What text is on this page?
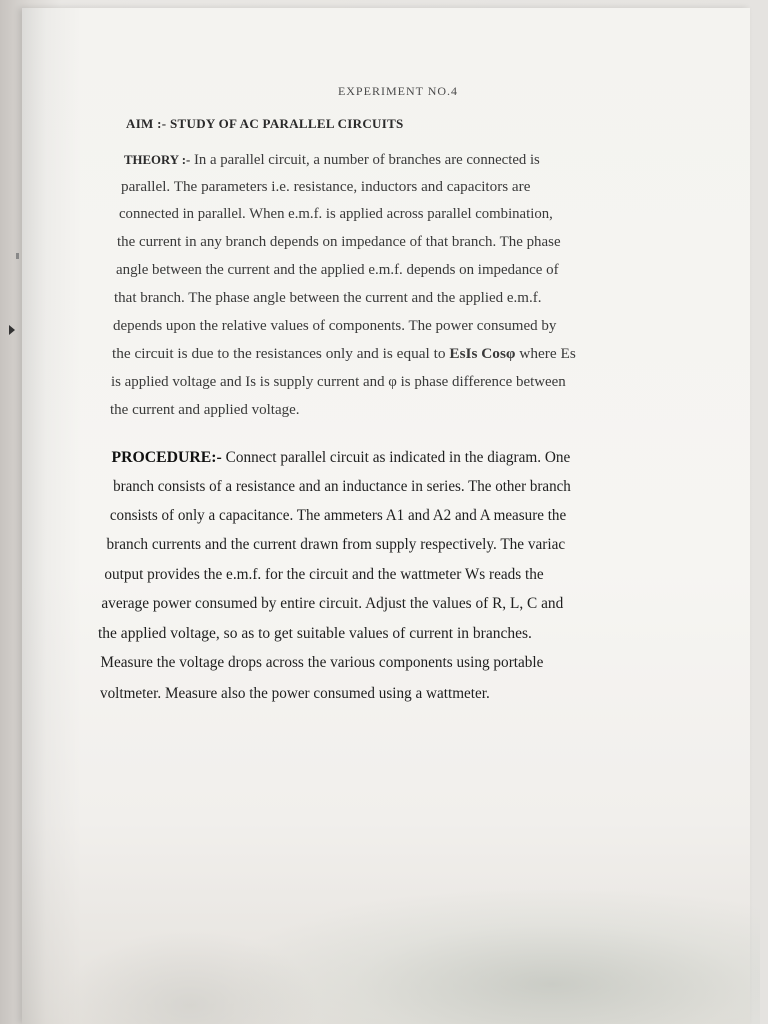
EXPERIMENT NO.4
AIM :- STUDY OF AC PARALLEL CIRCUITS
THEORY :- In a parallel circuit, a number of branches are connected is
parallel. The parameters i.e. resistance, inductors and capacitors are
connected in parallel. When e.m.f. is applied across parallel combination,
the current in any branch depends on impedance of that branch. The phase
angle between the current and the applied e.m.f. depends on impedance of
that branch. The phase angle between the current and the applied e.m.f.
depends upon the relative values of components. The power consumed by
the circuit is due to the resistances only and is equal to EsIs Cosφ where Es
is applied voltage and Is is supply current and φ is phase difference between
the current and applied voltage.
PROCEDURE:- Connect parallel circuit as indicated in the diagram. One
branch consists of a resistance and an inductance in series. The other branch
consists of only a capacitance. The ammeters A1 and A2 and A measure the
branch currents and the current drawn from supply respectively. The variac
output provides the e.m.f. for the circuit and the wattmeter Ws reads the
average power consumed by entire circuit. Adjust the values of R, L, C and
the applied voltage, so as to get suitable values of current in branches.
Measure the voltage drops across the various components using portable
voltmeter. Measure also the power consumed using a wattmeter.
